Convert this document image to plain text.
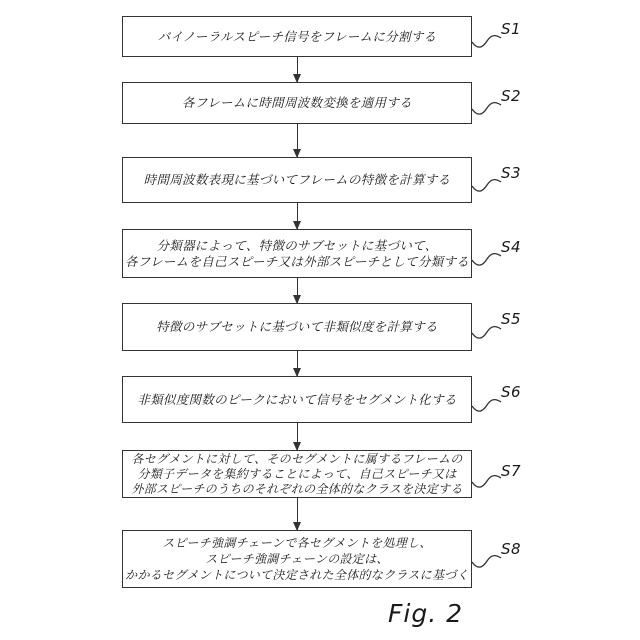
バイノーラルスピーチ信号をフレームに分割する	S1
各フレームに時間周波数変換を適用する	S2
時間周波数表現に基づいてフレームの特徴を計算する	S3
分類器によって、特徴のサブセットに基づいて、
各フレームを自己スピーチ又は外部スピーチとして分類する
S4
特徴のサブセットに基づいて非類似度を計算する	S5
非類似度関数のピークにおいて信号をセグメント化する	S6
各セグメントに対して、そのセグメントに属するフレームの
分類子データを集約することによって、自己スピーチ又は
外部スピーチのうちのそれぞれの全体的なクラスを決定する
S7
スピーチ強調チェーンで各セグメントを処理し、
スピーチ強調チェーンの設定は、
かかるセグメントについて決定された全体的なクラスに基づく
S8
Fig. 2
